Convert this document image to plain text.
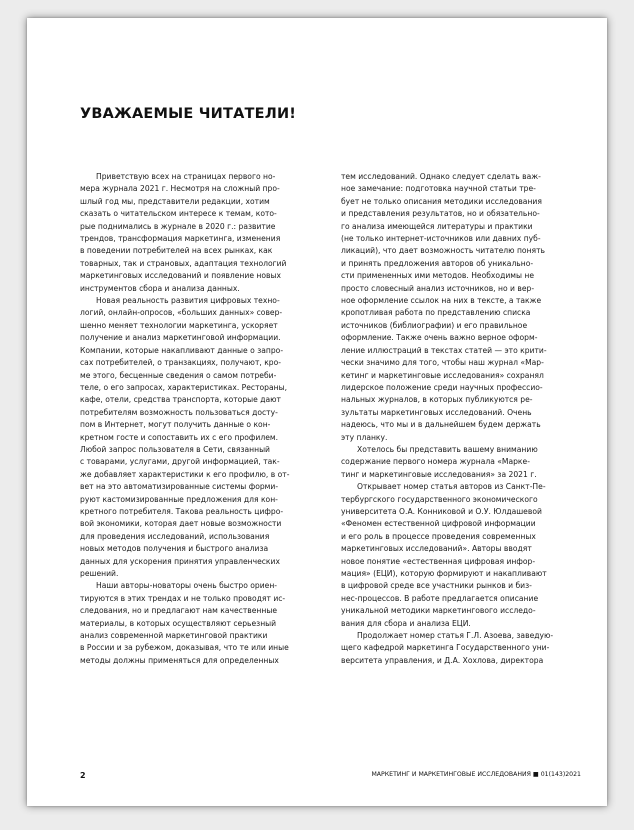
УВАЖАЕМЫЕ ЧИТАТЕЛИ!

Приветствую всех на страницах первого но-
мера журнала 2021 г. Несмотря на сложный про-
шлый год мы, представители редакции, хотим
сказать о читательском интересе к темам, кото-
рые поднимались в журнале в 2020 г.: развитие
трендов, трансформация маркетинга, изменения
в поведении потребителей на всех рынках, как
товарных, так и страновых, адаптация технологий
маркетинговых исследований и появление новых
инструментов сбора и анализа данных.

Новая реальность развития цифровых техно-
логий, онлайн-опросов, «больших данных» совер-
шенно меняет технологии маркетинга, ускоряет
получение и анализ маркетинговой информации.
Компании, которые накапливают данные о запро-
сах потребителей, о транзакциях, получают, кро-
ме этого, бесценные сведения о самом потреби-
теле, о его запросах, характеристиках. Рестораны,
кафе, отели, средства транспорта, которые дают
потребителям возможность пользоваться досту-
пом в Интернет, могут получить данные о кон-
кретном госте и сопоставить их с его профилем.
Любой запрос пользователя в Сети, связанный
с товарами, услугами, другой информацией, так-
же добавляет характеристики к его профилю, в от-
вет на это автоматизированные системы форми-
руют кастомизированные предложения для кон-
кретного потребителя. Такова реальность цифро-
вой экономики, которая дает новые возможности
для проведения исследований, использования
новых методов получения и быстрого анализа
данных для ускорения принятия управленческих
решений.

Наши авторы-новаторы очень быстро ориен-
тируются в этих трендах и не только проводят ис-
следования, но и предлагают нам качественные
материалы, в которых осуществляют серьезный
анализ современной маркетинговой практики
в России и за рубежом, доказывая, что те или иные
методы должны применяться для определенных

тем исследований. Однако следует сделать важ-
ное замечание: подготовка научной статьи тре-
бует не только описания методики исследования
и представления результатов, но и обязательно-
го анализа имеющейся литературы и практики
(не только интернет-источников или давних пуб-
ликаций), что дает возможность читателю понять
и принять предложения авторов об уникально-
сти примененных ими методов. Необходимы не
просто словесный анализ источников, но и вер-
ное оформление ссылок на них в тексте, а также
кропотливая работа по представлению списка
источников (библиографии) и его правильное
оформление. Также очень важно верное оформ-
ление иллюстраций в текстах статей — это крити-
чески значимо для того, чтобы наш журнал «Мар-
кетинг и маркетинговые исследования» сохранял
лидерское положение среди научных профессио-
нальных журналов, в которых публикуются ре-
зультаты маркетинговых исследований. Очень
надеюсь, что мы и в дальнейшем будем держать
эту планку.

Хотелось бы представить вашему вниманию
содержание первого номера журнала «Марке-
тинг и маркетинговые исследования» за 2021 г.

Открывает номер статья авторов из Санкт-Пе-
тербургского государственного экономического
университета О.А. Конниковой и О.У. Юлдашевой
«Феномен естественной цифровой информации
и его роль в процессе проведения современных
маркетинговых исследований». Авторы вводят
новое понятие «естественная цифровая инфор-
мация» (ЕЦИ), которую формируют и накапливают
в цифровой среде все участники рынков и биз-
нес-процессов. В работе предлагается описание
уникальной методики маркетингового исследо-
вания для сбора и анализа ЕЦИ.

Продолжает номер статья Г.Л. Азоева, заведую-
щего кафедрой маркетинга Государственного уни-
верситета управления, и Д.А. Хохлова, директора

2	МАРКЕТИНГ И МАРКЕТИНГОВЫЕ ИССЛЕДОВАНИЯ ■ 01(143)2021
